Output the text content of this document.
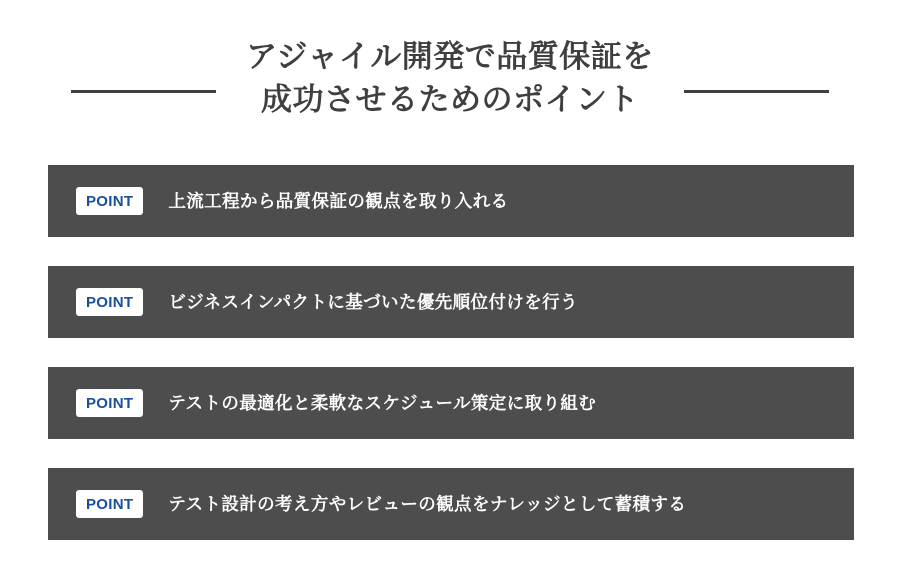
アジャイル開発で品質保証を
成功させるためのポイント
POINT	上流工程から品質保証の観点を取り入れる
POINT	ビジネスインパクトに基づいた優先順位付けを行う
POINT	テストの最適化と柔軟なスケジュール策定に取り組む
POINT	テスト設計の考え方やレビューの観点をナレッジとして蓄積する
